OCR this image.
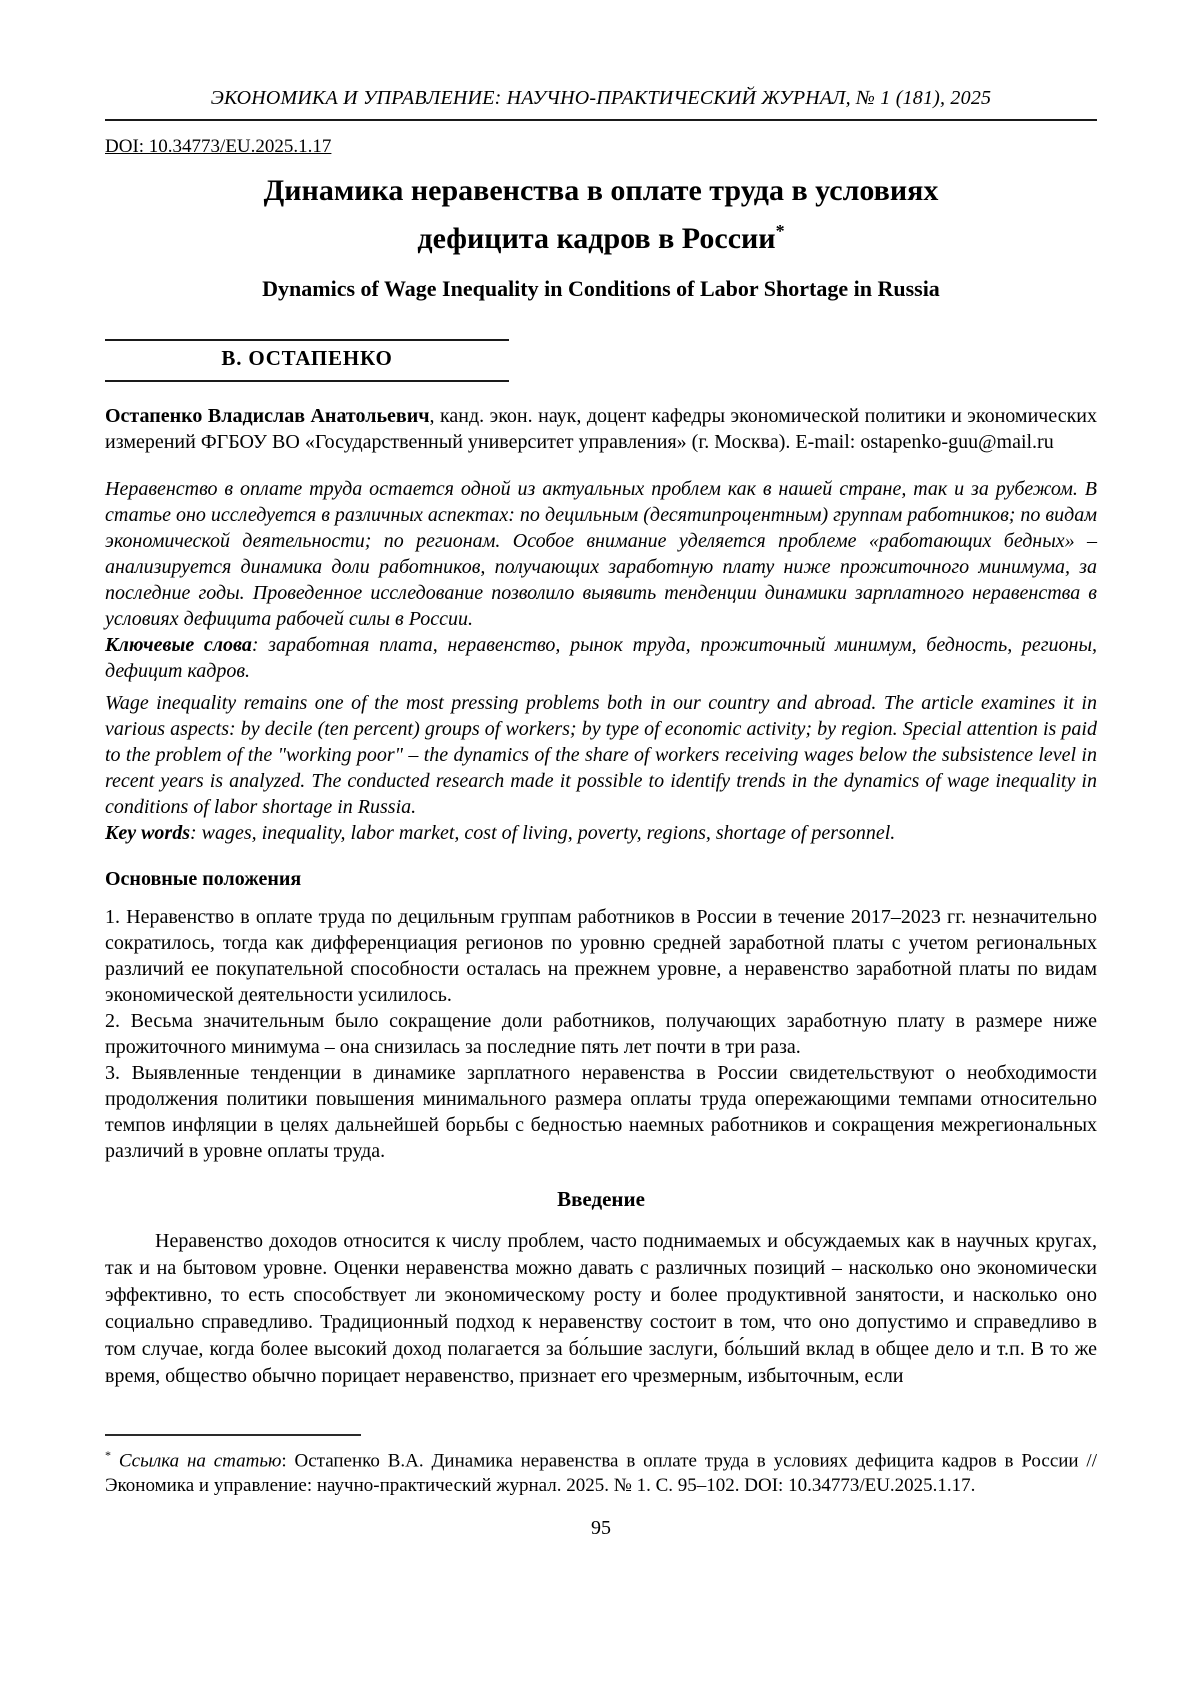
ЭКОНОМИКА И УПРАВЛЕНИЕ: НАУЧНО-ПРАКТИЧЕСКИЙ ЖУРНАЛ, № 1 (181), 2025
DOI: 10.34773/EU.2025.1.17
Динамика неравенства в оплате труда в условиях
дефицита кадров в России*
Dynamics of Wage Inequality in Conditions of Labor Shortage in Russia
В. ОСТАПЕНКО

Остапенко Владислав Анатольевич, канд. экон. наук, доцент кафедры экономической политики и экономических измерений ФГБОУ ВО «Государственный университет управления» (г. Москва). E-mail: ostapenko-guu@mail.ru

Неравенство в оплате труда остается одной из актуальных проблем как в нашей стране, так и за рубежом. В статье оно исследуется в различных аспектах: по децильным (десятипроцентным) группам работников; по видам экономической деятельности; по регионам. Особое внимание уделяется проблеме «работающих бедных» – анализируется динамика доли работников, получающих заработную плату ниже прожиточного минимума, за последние годы. Проведенное исследование позволило выявить тенденции динамики зарплатного неравенства в условиях дефицита рабочей силы в России.

Ключевые слова: заработная плата, неравенство, рынок труда, прожиточный минимум, бедность, регионы, дефицит кадров.

Wage inequality remains one of the most pressing problems both in our country and abroad. The article examines it in various aspects: by decile (ten percent) groups of workers; by type of economic activity; by region. Special attention is paid to the problem of the "working poor" – the dynamics of the share of workers receiving wages below the subsistence level in recent years is analyzed. The conducted research made it possible to identify trends in the dynamics of wage inequality in conditions of labor shortage in Russia.

Key words: wages, inequality, labor market, cost of living, poverty, regions, shortage of personnel.

Основные положения

1. Неравенство в оплате труда по децильным группам работников в России в течение 2017–2023 гг. незначительно сократилось, тогда как дифференциация регионов по уровню средней заработной платы с учетом региональных различий ее покупательной способности осталась на прежнем уровне, а неравенство заработной платы по видам экономической деятельности усилилось.

2. Весьма значительным было сокращение доли работников, получающих заработную плату в размере ниже прожиточного минимума – она снизилась за последние пять лет почти в три раза.

3. Выявленные тенденции в динамике зарплатного неравенства в России свидетельствуют о необходимости продолжения политики повышения минимального размера оплаты труда опережающими темпами относительно темпов инфляции в целях дальнейшей борьбы с бедностью наемных работников и сокращения межрегиональных различий в уровне оплаты труда.

Введение

Неравенство доходов относится к числу проблем, часто поднимаемых и обсуждаемых как в научных кругах, так и на бытовом уровне. Оценки неравенства можно давать с различных позиций – насколько оно экономически эффективно, то есть способствует ли экономическому росту и более продуктивной занятости, и насколько оно социально справедливо. Традиционный подход к неравенству состоит в том, что оно допустимо и справедливо в том случае, когда более высокий доход полагается за бо́льшие заслуги, бо́льший вклад в общее дело и т.п. В то же время, общество обычно порицает неравенство, признает его чрезмерным, избыточным, если

* Ссылка на статью: Остапенко В.А. Динамика неравенства в оплате труда в условиях дефицита кадров в России // Экономика и управление: научно-практический журнал. 2025. № 1. С. 95–102. DOI: 10.34773/EU.2025.1.17.

95
